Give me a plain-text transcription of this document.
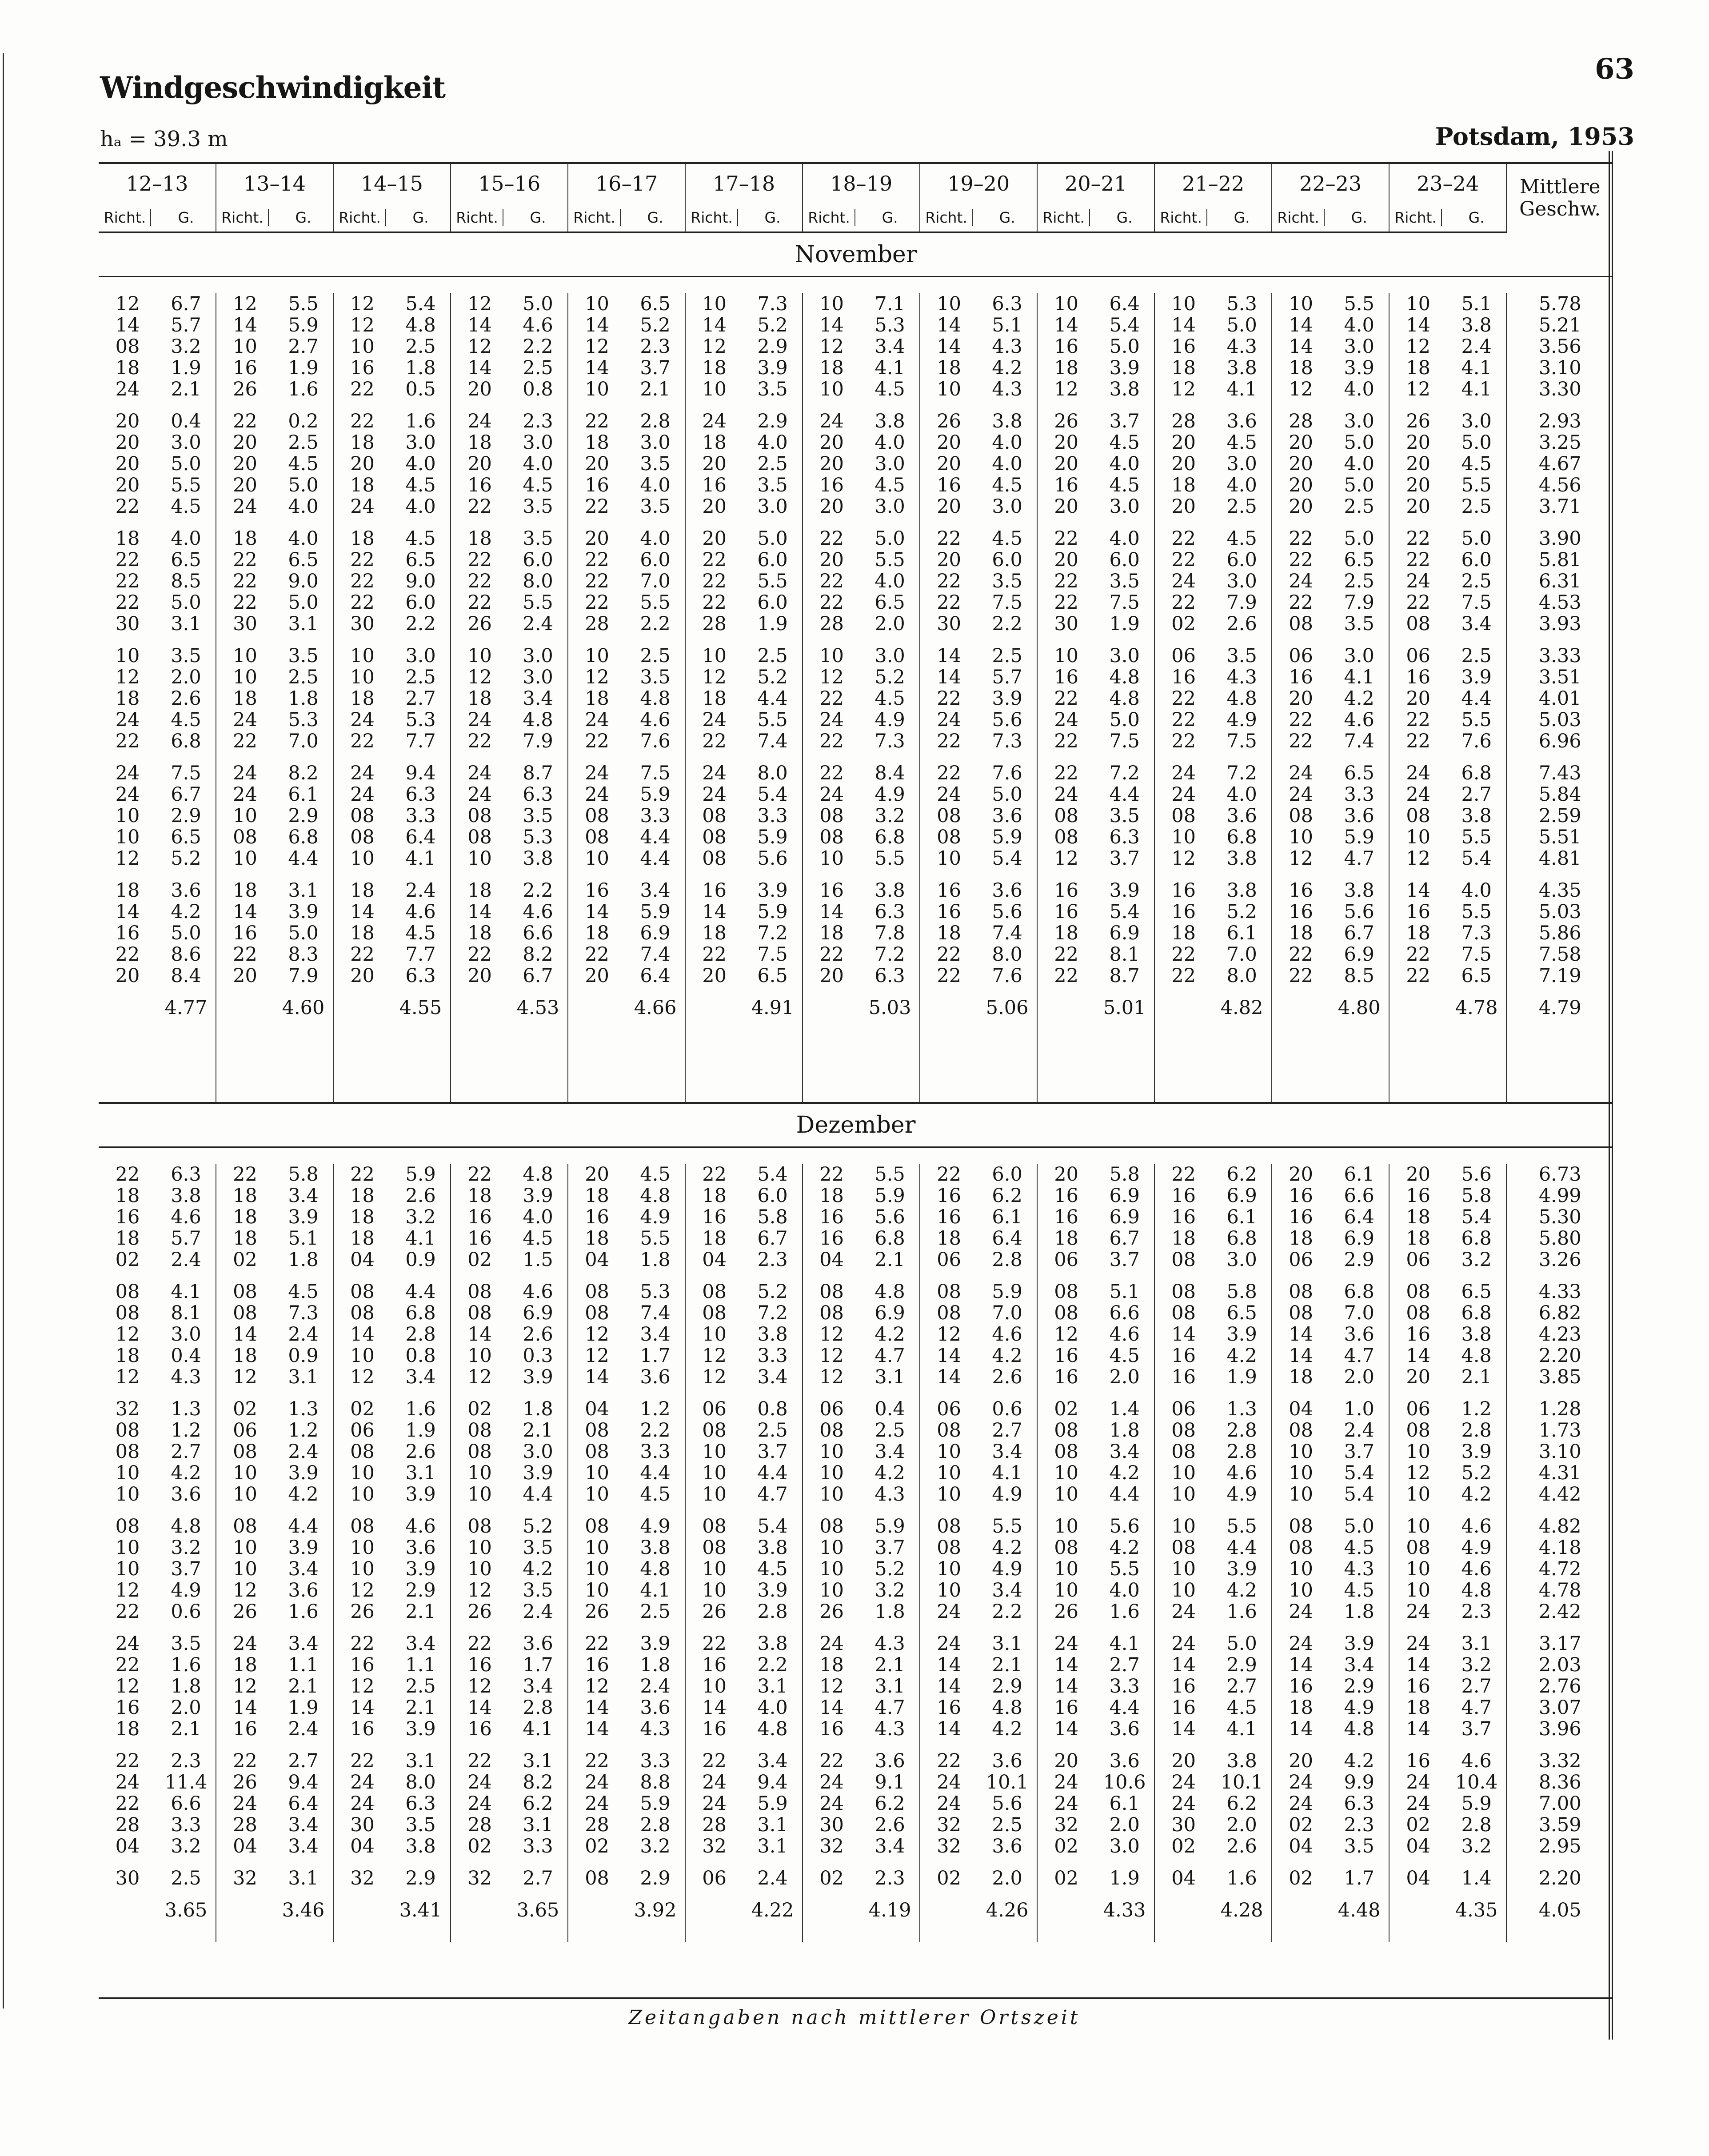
63
Windgeschwindigkeit
hₐ = 39.3 m	Potsdam, 1953
12–13		13–14		14–15		15–16		16–17		17–18		18–19		19–20		20–21		21–22		22–23		23–24		Mittlere Geschw.
Richt.	G.	Richt.	G.	Richt.	G.	Richt.	G.	Richt.	G.	Richt.	G.	Richt.	G.	Richt.	G.	Richt.	G.	Richt.	G.	Richt.	G.	Richt.	G.	
November																								

12	6.7	12	5.5	12	5.4	12	5.0	10	6.5	10	7.3	10	7.1	10	6.3	10	6.4	10	5.3	10	5.5	10	5.1	5.78
14	5.7	14	5.9	12	4.8	14	4.6	14	5.2	14	5.2	14	5.3	14	5.1	14	5.4	14	5.0	14	4.0	14	3.8	5.21
08	3.2	10	2.7	10	2.5	12	2.2	12	2.3	12	2.9	12	3.4	14	4.3	16	5.0	16	4.3	14	3.0	12	2.4	3.56
18	1.9	16	1.9	16	1.8	14	2.5	14	3.7	18	3.9	18	4.1	18	4.2	18	3.9	18	3.8	18	3.9	18	4.1	3.10
24	2.1	26	1.6	22	0.5	20	0.8	10	2.1	10	3.5	10	4.5	10	4.3	12	3.8	12	4.1	12	4.0	12	4.1	3.30

20	0.4	22	0.2	22	1.6	24	2.3	22	2.8	24	2.9	24	3.8	26	3.8	26	3.7	28	3.6	28	3.0	26	3.0	2.93
20	3.0	20	2.5	18	3.0	18	3.0	18	3.0	18	4.0	20	4.0	20	4.0	20	4.5	20	4.5	20	5.0	20	5.0	3.25
20	5.0	20	4.5	20	4.0	20	4.0	20	3.5	20	2.5	20	3.0	20	4.0	20	4.0	20	3.0	20	4.0	20	4.5	4.67
20	5.5	20	5.0	18	4.5	16	4.5	16	4.0	16	3.5	16	4.5	16	4.5	16	4.5	18	4.0	20	5.0	20	5.5	4.56
22	4.5	24	4.0	24	4.0	22	3.5	22	3.5	20	3.0	20	3.0	20	3.0	20	3.0	20	2.5	20	2.5	20	2.5	3.71

18	4.0	18	4.0	18	4.5	18	3.5	20	4.0	20	5.0	22	5.0	22	4.5	22	4.0	22	4.5	22	5.0	22	5.0	3.90
22	6.5	22	6.5	22	6.5	22	6.0	22	6.0	22	6.0	20	5.5	20	6.0	20	6.0	22	6.0	22	6.5	22	6.0	5.81
22	8.5	22	9.0	22	9.0	22	8.0	22	7.0	22	5.5	22	4.0	22	3.5	22	3.5	24	3.0	24	2.5	24	2.5	6.31
22	5.0	22	5.0	22	6.0	22	5.5	22	5.5	22	6.0	22	6.5	22	7.5	22	7.5	22	7.9	22	7.9	22	7.5	4.53
30	3.1	30	3.1	30	2.2	26	2.4	28	2.2	28	1.9	28	2.0	30	2.2	30	1.9	02	2.6	08	3.5	08	3.4	3.93

10	3.5	10	3.5	10	3.0	10	3.0	10	2.5	10	2.5	10	3.0	14	2.5	10	3.0	06	3.5	06	3.0	06	2.5	3.33
12	2.0	10	2.5	10	2.5	12	3.0	12	3.5	12	5.2	12	5.2	14	5.7	16	4.8	16	4.3	16	4.1	16	3.9	3.51
18	2.6	18	1.8	18	2.7	18	3.4	18	4.8	18	4.4	22	4.5	22	3.9	22	4.8	22	4.8	20	4.2	20	4.4	4.01
24	4.5	24	5.3	24	5.3	24	4.8	24	4.6	24	5.5	24	4.9	24	5.6	24	5.0	22	4.9	22	4.6	22	5.5	5.03
22	6.8	22	7.0	22	7.7	22	7.9	22	7.6	22	7.4	22	7.3	22	7.3	22	7.5	22	7.5	22	7.4	22	7.6	6.96

24	7.5	24	8.2	24	9.4	24	8.7	24	7.5	24	8.0	22	8.4	22	7.6	22	7.2	24	7.2	24	6.5	24	6.8	7.43
24	6.7	24	6.1	24	6.3	24	6.3	24	5.9	24	5.4	24	4.9	24	5.0	24	4.4	24	4.0	24	3.3	24	2.7	5.84
10	2.9	10	2.9	08	3.3	08	3.5	08	3.3	08	3.3	08	3.2	08	3.6	08	3.5	08	3.6	08	3.6	08	3.8	2.59
10	6.5	08	6.8	08	6.4	08	5.3	08	4.4	08	5.9	08	6.8	08	5.9	08	6.3	10	6.8	10	5.9	10	5.5	5.51
12	5.2	10	4.4	10	4.1	10	3.8	10	4.4	08	5.6	10	5.5	10	5.4	12	3.7	12	3.8	12	4.7	12	5.4	4.81

18	3.6	18	3.1	18	2.4	18	2.2	16	3.4	16	3.9	16	3.8	16	3.6	16	3.9	16	3.8	16	3.8	14	4.0	4.35
14	4.2	14	3.9	14	4.6	14	4.6	14	5.9	14	5.9	14	6.3	16	5.6	16	5.4	16	5.2	16	5.6	16	5.5	5.03
16	5.0	16	5.0	18	4.5	18	6.6	18	6.9	18	7.2	18	7.8	18	7.4	18	6.9	18	6.1	18	6.7	18	7.3	5.86
22	8.6	22	8.3	22	7.7	22	8.2	22	7.4	22	7.5	22	7.2	22	8.0	22	8.1	22	7.0	22	6.9	22	7.5	7.58
20	8.4	20	7.9	20	6.3	20	6.7	20	6.4	20	6.5	20	6.3	22	7.6	22	8.7	22	8.0	22	8.5	22	6.5	7.19

	4.77		4.60		4.55		4.53		4.66		4.91		5.03		5.06		5.01		4.82		4.80		4.78	4.79

Dezember																								

22	6.3	22	5.8	22	5.9	22	4.8	20	4.5	22	5.4	22	5.5	22	6.0	20	5.8	22	6.2	20	6.1	20	5.6	6.73
18	3.8	18	3.4	18	2.6	18	3.9	18	4.8	18	6.0	18	5.9	16	6.2	16	6.9	16	6.9	16	6.6	16	5.8	4.99
16	4.6	18	3.9	18	3.2	16	4.0	16	4.9	16	5.8	16	5.6	16	6.1	16	6.9	16	6.1	16	6.4	18	5.4	5.30
18	5.7	18	5.1	18	4.1	16	4.5	18	5.5	18	6.7	16	6.8	18	6.4	18	6.7	18	6.8	18	6.9	18	6.8	5.80
02	2.4	02	1.8	04	0.9	02	1.5	04	1.8	04	2.3	04	2.1	06	2.8	06	3.7	08	3.0	06	2.9	06	3.2	3.26

08	4.1	08	4.5	08	4.4	08	4.6	08	5.3	08	5.2	08	4.8	08	5.9	08	5.1	08	5.8	08	6.8	08	6.5	4.33
08	8.1	08	7.3	08	6.8	08	6.9	08	7.4	08	7.2	08	6.9	08	7.0	08	6.6	08	6.5	08	7.0	08	6.8	6.82
12	3.0	14	2.4	14	2.8	14	2.6	12	3.4	10	3.8	12	4.2	12	4.6	12	4.6	14	3.9	14	3.6	16	3.8	4.23
18	0.4	18	0.9	10	0.8	10	0.3	12	1.7	12	3.3	12	4.7	14	4.2	16	4.5	16	4.2	14	4.7	14	4.8	2.20
12	4.3	12	3.1	12	3.4	12	3.9	14	3.6	12	3.4	12	3.1	14	2.6	16	2.0	16	1.9	18	2.0	20	2.1	3.85

32	1.3	02	1.3	02	1.6	02	1.8	04	1.2	06	0.8	06	0.4	06	0.6	02	1.4	06	1.3	04	1.0	06	1.2	1.28
08	1.2	06	1.2	06	1.9	08	2.1	08	2.2	08	2.5	08	2.5	08	2.7	08	1.8	08	2.8	08	2.4	08	2.8	1.73
08	2.7	08	2.4	08	2.6	08	3.0	08	3.3	10	3.7	10	3.4	10	3.4	08	3.4	08	2.8	10	3.7	10	3.9	3.10
10	4.2	10	3.9	10	3.1	10	3.9	10	4.4	10	4.4	10	4.2	10	4.1	10	4.2	10	4.6	10	5.4	12	5.2	4.31
10	3.6	10	4.2	10	3.9	10	4.4	10	4.5	10	4.7	10	4.3	10	4.9	10	4.4	10	4.9	10	5.4	10	4.2	4.42

08	4.8	08	4.4	08	4.6	08	5.2	08	4.9	08	5.4	08	5.9	08	5.5	10	5.6	10	5.5	08	5.0	10	4.6	4.82
10	3.2	10	3.9	10	3.6	10	3.5	10	3.8	08	3.8	10	3.7	08	4.2	08	4.2	08	4.4	08	4.5	08	4.9	4.18
10	3.7	10	3.4	10	3.9	10	4.2	10	4.8	10	4.5	10	5.2	10	4.9	10	5.5	10	3.9	10	4.3	10	4.6	4.72
12	4.9	12	3.6	12	2.9	12	3.5	10	4.1	10	3.9	10	3.2	10	3.4	10	4.0	10	4.2	10	4.5	10	4.8	4.78
22	0.6	26	1.6	26	2.1	26	2.4	26	2.5	26	2.8	26	1.8	24	2.2	26	1.6	24	1.6	24	1.8	24	2.3	2.42

24	3.5	24	3.4	22	3.4	22	3.6	22	3.9	22	3.8	24	4.3	24	3.1	24	4.1	24	5.0	24	3.9	24	3.1	3.17
22	1.6	18	1.1	16	1.1	16	1.7	16	1.8	16	2.2	18	2.1	14	2.1	14	2.7	14	2.9	14	3.4	14	3.2	2.03
12	1.8	12	2.1	12	2.5	12	3.4	12	2.4	10	3.1	12	3.1	14	2.9	14	3.3	16	2.7	16	2.9	16	2.7	2.76
16	2.0	14	1.9	14	2.1	14	2.8	14	3.6	14	4.0	14	4.7	16	4.8	16	4.4	16	4.5	18	4.9	18	4.7	3.07
18	2.1	16	2.4	16	3.9	16	4.1	14	4.3	16	4.8	16	4.3	14	4.2	14	3.6	14	4.1	14	4.8	14	3.7	3.96

22	2.3	22	2.7	22	3.1	22	3.1	22	3.3	22	3.4	22	3.6	22	3.6	20	3.6	20	3.8	20	4.2	16	4.6	3.32
24	11.4	26	9.4	24	8.0	24	8.2	24	8.8	24	9.4	24	9.1	24	10.1	24	10.6	24	10.1	24	9.9	24	10.4	8.36
22	6.6	24	6.4	24	6.3	24	6.2	24	5.9	24	5.9	24	6.2	24	5.6	24	6.1	24	6.2	24	6.3	24	5.9	7.00
28	3.3	28	3.4	30	3.5	28	3.1	28	2.8	28	3.1	30	2.6	32	2.5	32	2.0	30	2.0	02	2.3	02	2.8	3.59
04	3.2	04	3.4	04	3.8	02	3.3	02	3.2	32	3.1	32	3.4	32	3.6	02	3.0	02	2.6	04	3.5	04	3.2	2.95

30	2.5	32	3.1	32	2.9	32	2.7	08	2.9	06	2.4	02	2.3	02	2.0	02	1.9	04	1.6	02	1.7	04	1.4	2.20

	3.65		3.46		3.41		3.65		3.92		4.22		4.19		4.26		4.33		4.28		4.48		4.35	4.05
Zeitangaben nach mittlerer Ortszeit
